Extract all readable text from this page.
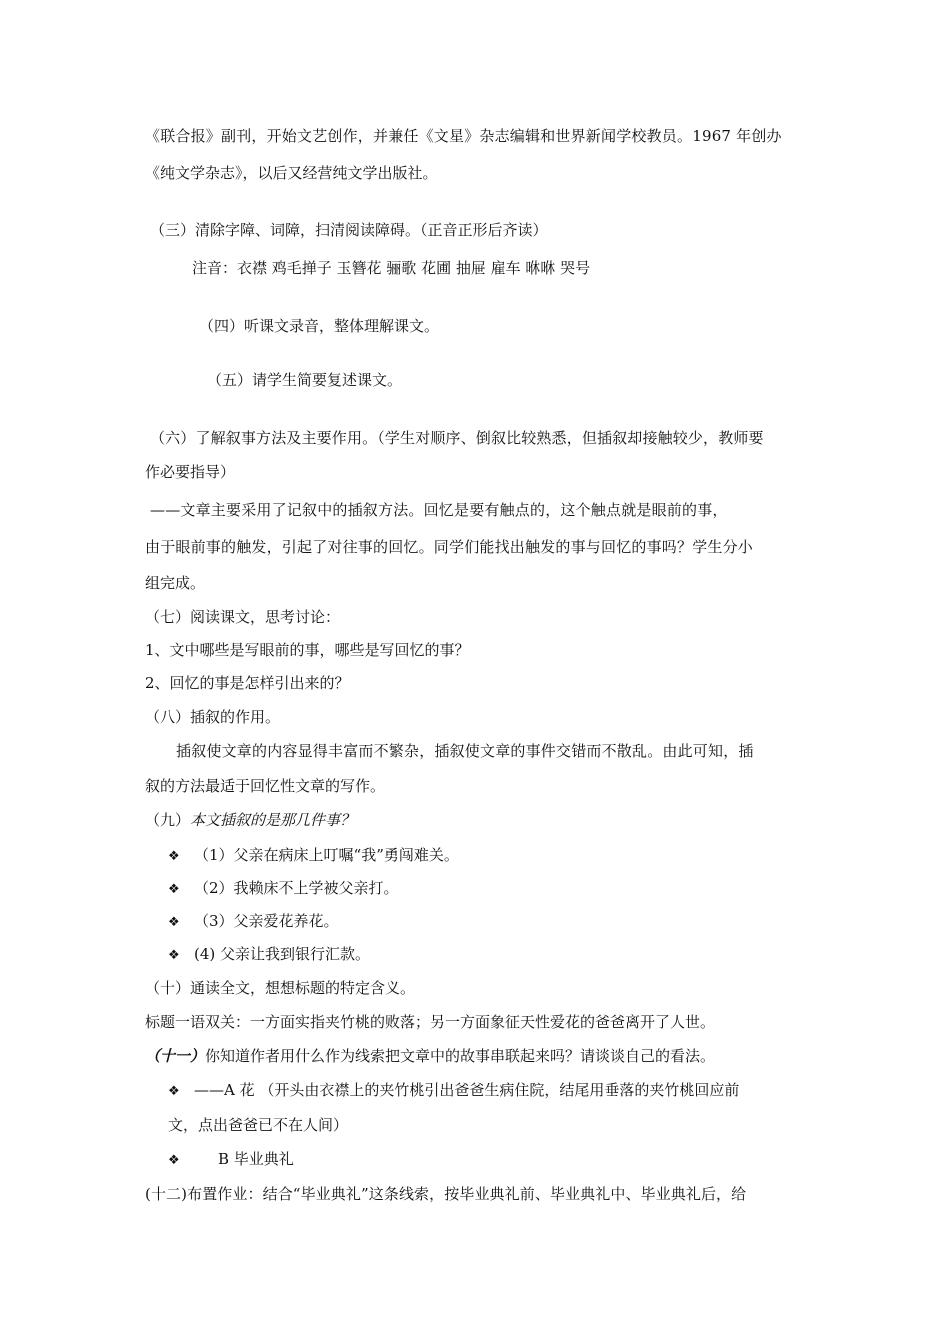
《联合报》副刊，开始文艺创作，并兼任《文星》杂志编辑和世界新闻学校教员。1967 年创办
《纯文学杂志》，以后又经营纯文学出版社。
（三）清除字障、词障，扫清阅读障碍。（正音正形后齐读）
注音：衣襟 鸡毛掸子 玉簪花 骊歌 花圃 抽屉 雇车 咻咻 哭号
（四）听课文录音，整体理解课文。
（五）请学生简要复述课文。
（六）了解叙事方法及主要作用。（学生对顺序、倒叙比较熟悉，但插叙却接触较少，教师要
作必要指导）
——文章主要采用了记叙中的插叙方法。回忆是要有触点的，这个触点就是眼前的事，
由于眼前事的触发，引起了对往事的回忆。同学们能找出触发的事与回忆的事吗？学生分小
组完成。
（七）阅读课文，思考讨论：
1、文中哪些是写眼前的事，哪些是写回忆的事？
2、回忆的事是怎样引出来的？
（八）插叙的作用。
插叙使文章的内容显得丰富而不繁杂，插叙使文章的事件交错而不散乱。由此可知，插
叙的方法最适于回忆性文章的写作。
（九）本文插叙的是那几件事？
❖ （1）父亲在病床上叮嘱“我”勇闯难关。
❖ （2）我赖床不上学被父亲打。
❖ （3）父亲爱花养花。
❖ (4) 父亲让我到银行汇款。
（十）通读全文，想想标题的特定含义。
标题一语双关：一方面实指夹竹桃的败落；另一方面象征天性爱花的爸爸离开了人世。
（十一）你知道作者用什么作为线索把文章中的故事串联起来吗？请谈谈自己的看法。
❖ ——A 花 （开头由衣襟上的夹竹桃引出爸爸生病住院，结尾用垂落的夹竹桃回应前
文，点出爸爸已不在人间）
❖	B 毕业典礼
(十二)布置作业：结合“毕业典礼”这条线索，按毕业典礼前、毕业典礼中、毕业典礼后，给
